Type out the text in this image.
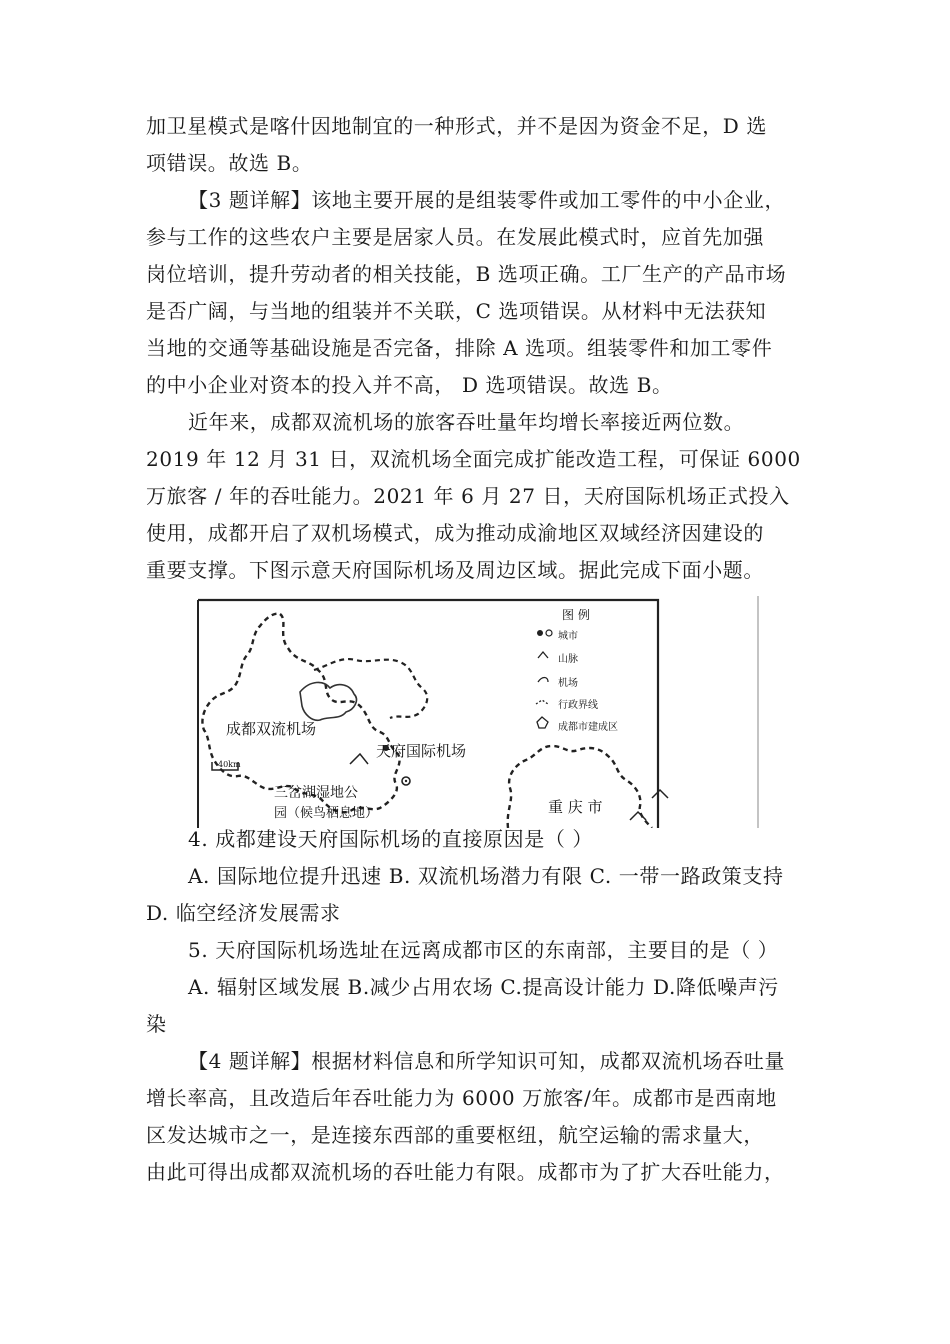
加卫星模式是喀什因地制宜的一种形式，并不是因为资金不足，D 选
项错误。故选 B。
【3 题详解】该地主要开展的是组装零件或加工零件的中小企业，
参与工作的这些农户主要是居家人员。在发展此模式时，应首先加强
岗位培训，提升劳动者的相关技能，B 选项正确。工厂生产的产品市场
是否广阔，与当地的组装并不关联，C 选项错误。从材料中无法获知
当地的交通等基础设施是否完备，排除 A 选项。组装零件和加工零件
的中小企业对资本的投入并不高， D 选项错误。故选 B。
近年来，成都双流机场的旅客吞吐量年均增长率接近两位数。
2019 年 12 月 31 日，双流机场全面完成扩能改造工程，可保证 6000
万旅客 / 年的吞吐能力。2021 年 6 月 27 日，天府国际机场正式投入
使用，成都开启了双机场模式，成为推动成渝地区双域经济因建设的
重要支撑。下图示意天府国际机场及周边区域。据此完成下面小题。
成都双流机场
天府国际机场
三岔湖湿地公
园（候鸟栖息地）	重 庆 市
40km
图 例
城市
山脉
机场
行政界线
成都市建成区
4. 成都建设天府国际机场的直接原因是（ ）
A. 国际地位提升迅速 B. 双流机场潜力有限 C. 一带一路政策支持
D. 临空经济发展需求
5. 天府国际机场选址在远离成都市区的东南部，主要目的是（ ）
A. 辐射区域发展 B.减少占用农场 C.提高设计能力 D.降低噪声污
染
【4 题详解】根据材料信息和所学知识可知，成都双流机场吞吐量
增长率高，且改造后年吞吐能力为 6000 万旅客/年。成都市是西南地
区发达城市之一，是连接东西部的重要枢纽，航空运输的需求量大，
由此可得出成都双流机场的吞吐能力有限。成都市为了扩大吞吐能力，
